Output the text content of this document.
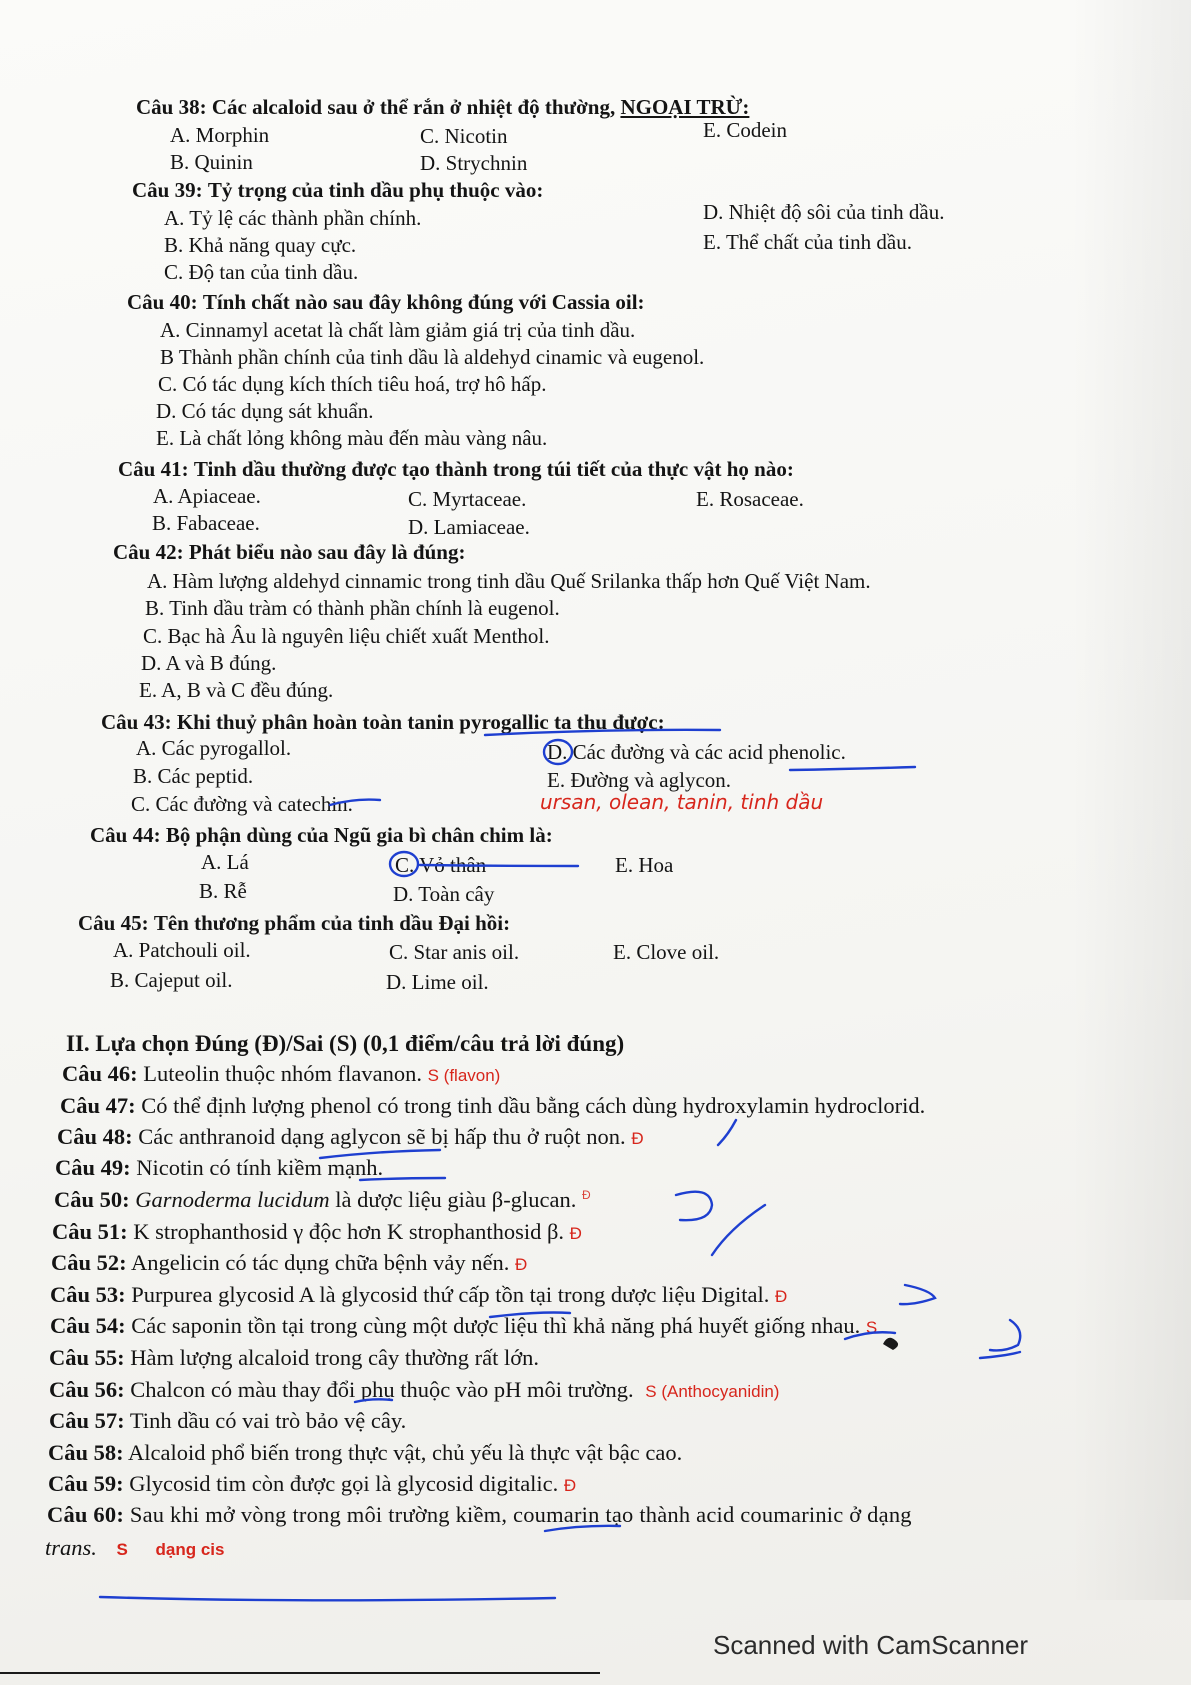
Câu 38: Các alcaloid sau ở thể rắn ở nhiệt độ thường, NGOẠI TRỪ:
A. Morphin
B. Quinin
C. Nicotin
D. Strychnin
E. Codein
Câu 39: Tỷ trọng của tinh dầu phụ thuộc vào:
A. Tỷ lệ các thành phần chính.
B. Khả năng quay cực.
C. Độ tan của tinh dầu.
D. Nhiệt độ sôi của tinh dầu.
E. Thể chất của tinh dầu.
Câu 40: Tính chất nào sau đây không đúng với Cassia oil:
A. Cinnamyl acetat là chất làm giảm giá trị của tinh dầu.
B Thành phần chính của tinh dầu là aldehyd cinamic và eugenol.
C. Có tác dụng kích thích tiêu hoá, trợ hô hấp.
D. Có tác dụng sát khuẩn.
E. Là chất lỏng không màu đến màu vàng nâu.
Câu 41: Tinh dầu thường được tạo thành trong túi tiết của thực vật họ nào:
A. Apiaceae.
B. Fabaceae.
C. Myrtaceae.
D. Lamiaceae.
E. Rosaceae.
Câu 42: Phát biểu nào sau đây là đúng:
A. Hàm lượng aldehyd cinnamic trong tinh dầu Quế Srilanka thấp hơn Quế Việt Nam.
B. Tinh dầu tràm có thành phần chính là eugenol.
C. Bạc hà Âu là nguyên liệu chiết xuất Menthol.
D. A và B đúng.
E. A, B và C đều đúng.
Câu 43: Khi thuỷ phân hoàn toàn tanin pyrogallic ta thu được:
A. Các pyrogallol.
B. Các peptid.
C. Các đường và catechin.
D. Các đường và các acid phenolic.
E. Đường và aglycon.
ursan, olean, tanin, tinh dầu
Câu 44: Bộ phận dùng của Ngũ gia bì chân chim là:
A. Lá
B. Rễ
C. Vỏ thân
D. Toàn cây
E. Hoa
Câu 45: Tên thương phẩm của tinh dầu Đại hồi:
A. Patchouli oil.
B. Cajeput oil.
C. Star anis oil.
D. Lime oil.
E. Clove oil.
II. Lựa chọn Đúng (Đ)/Sai (S) (0,1 điểm/câu trả lời đúng)
Câu 46: Luteolin thuộc nhóm flavanon. S (flavon)
Câu 47: Có thể định lượng phenol có trong tinh dầu bằng cách dùng hydroxylamin hydroclorid.
Câu 48: Các anthranoid dạng aglycon sẽ bị hấp thu ở ruột non. Đ
Câu 49: Nicotin có tính kiềm mạnh.
Câu 50: Garnoderma lucidum là dược liệu giàu β-glucan. $^Đ$
Câu 51: K strophanthosid γ độc hơn K strophanthosid β. Đ
Câu 52: Angelicin có tác dụng chữa bệnh vảy nến. Đ
Câu 53: Purpurea glycosid A là glycosid thứ cấp tồn tại trong dược liệu Digital. Đ
Câu 54: Các saponin tồn tại trong cùng một dược liệu thì khả năng phá huyết giống nhau. S
Câu 55: Hàm lượng alcaloid trong cây thường rất lớn.
Câu 56: Chalcon có màu thay đổi phụ thuộc vào pH môi trường. S (Anthocyanidin)
Câu 57: Tinh dầu có vai trò bảo vệ cây.
Câu 58: Alcaloid phổ biến trong thực vật, chủ yếu là thực vật bậc cao.
Câu 59: Glycosid tim còn được gọi là glycosid digitalic. Đ
Câu 60: Sau khi mở vòng trong môi trường kiềm, coumarin tạo thành acid coumarinic ở dạng
trans. S dạng cis
Scanned with CamScanner
